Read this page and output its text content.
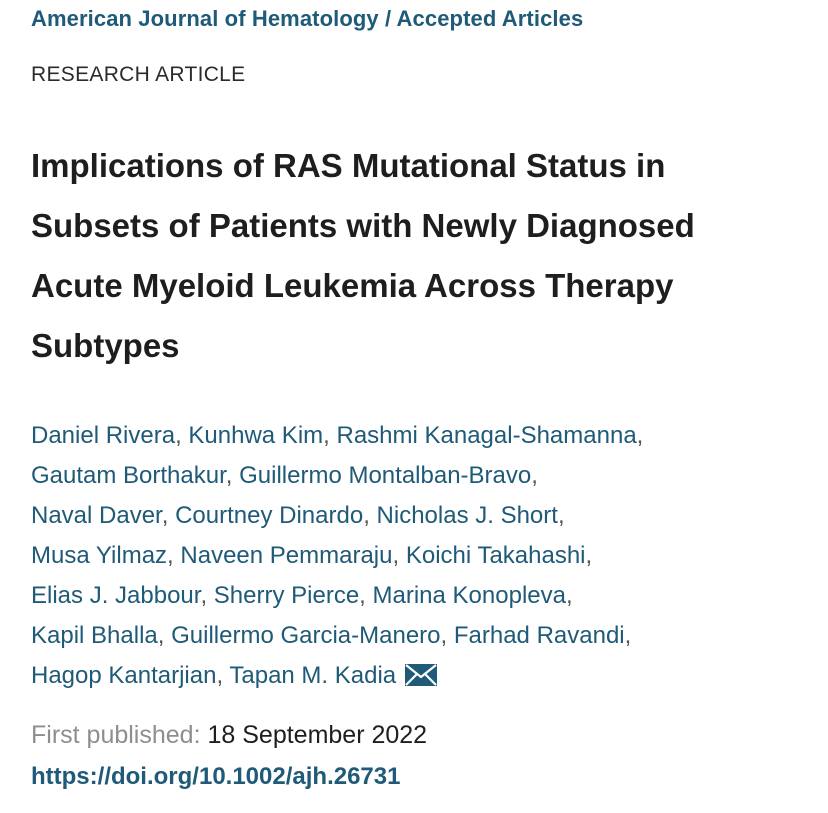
American Journal of Hematology / Accepted Articles
RESEARCH ARTICLE
Implications of RAS Mutational Status in
Subsets of Patients with Newly Diagnosed
Acute Myeloid Leukemia Across Therapy
Subtypes
Daniel Rivera, Kunhwa Kim, Rashmi Kanagal-Shamanna,
Gautam Borthakur, Guillermo Montalban-Bravo,
Naval Daver, Courtney Dinardo, Nicholas J. Short,
Musa Yilmaz, Naveen Pemmaraju, Koichi Takahashi,
Elias J. Jabbour, Sherry Pierce, Marina Konopleva,
Kapil Bhalla, Guillermo Garcia-Manero, Farhad Ravandi,
Hagop Kantarjian, Tapan M. Kadia
First published: 18 September 2022
https://doi.org/10.1002/ajh.26731
